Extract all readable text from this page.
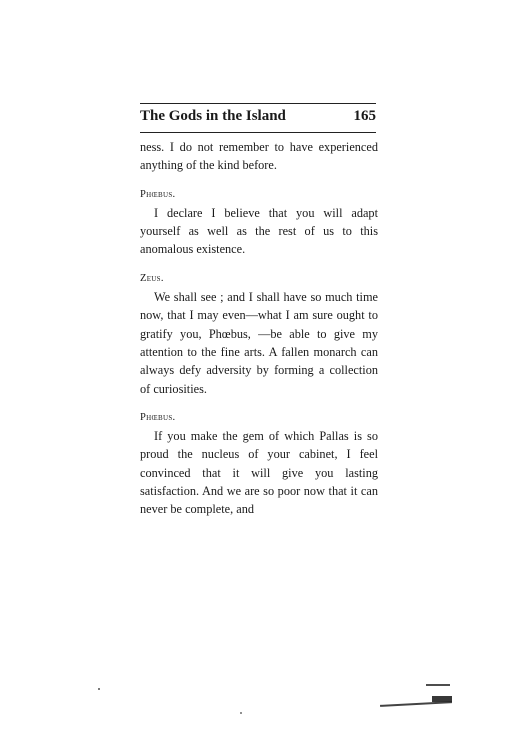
The Gods in the Island	165

ness. I do not remember to have experienced anything of the kind before.

Phœbus.

I declare I believe that you will adapt yourself as well as the rest of us to this anomalous existence.

Zeus.

We shall see ; and I shall have so much time now, that I may even—what I am sure ought to gratify you, Phœbus, —be able to give my attention to the fine arts. A fallen monarch can always defy adversity by forming a collection of curiosities.

Phœbus.

If you make the gem of which Pallas is so proud the nucleus of your cabinet, I feel convinced that it will give you lasting satisfaction. And we are so poor now that it can never be complete, and
